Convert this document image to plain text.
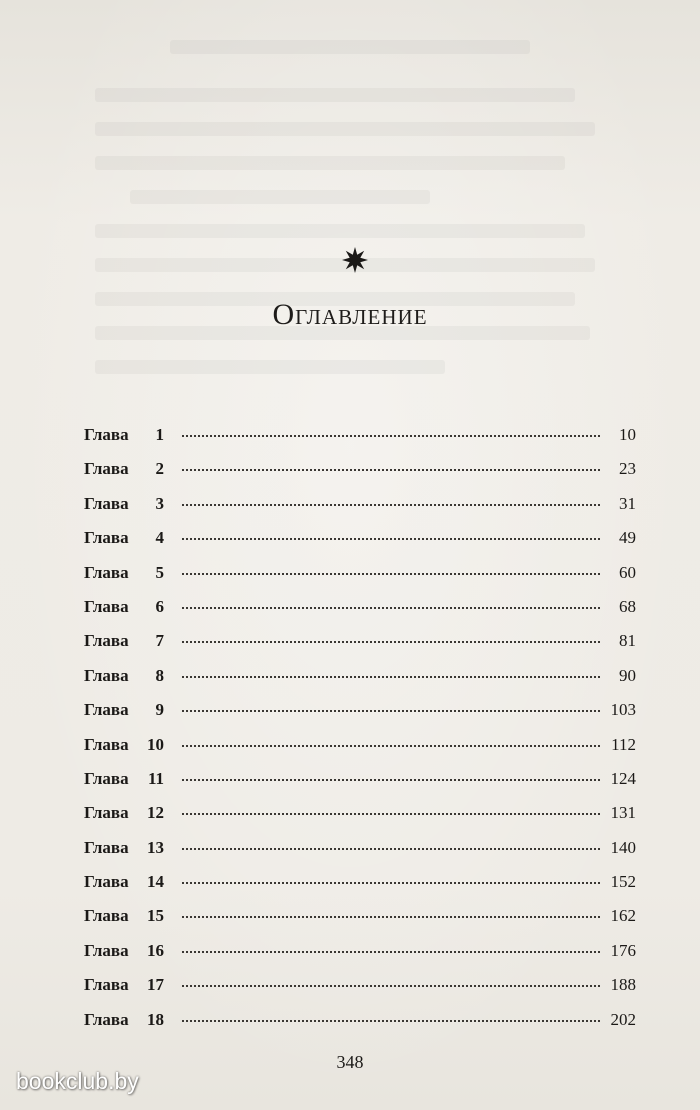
Оглавление
Глава 1	10
Глава 2	23
Глава 3	31
Глава 4	49
Глава 5	60
Глава 6	68
Глава 7	81
Глава 8	90
Глава 9	103
Глава 10	112
Глава 11	124
Глава 12	131
Глава 13	140
Глава 14	152
Глава 15	162
Глава 16	176
Глава 17	188
Глава 18	202
348
bookclub.by
